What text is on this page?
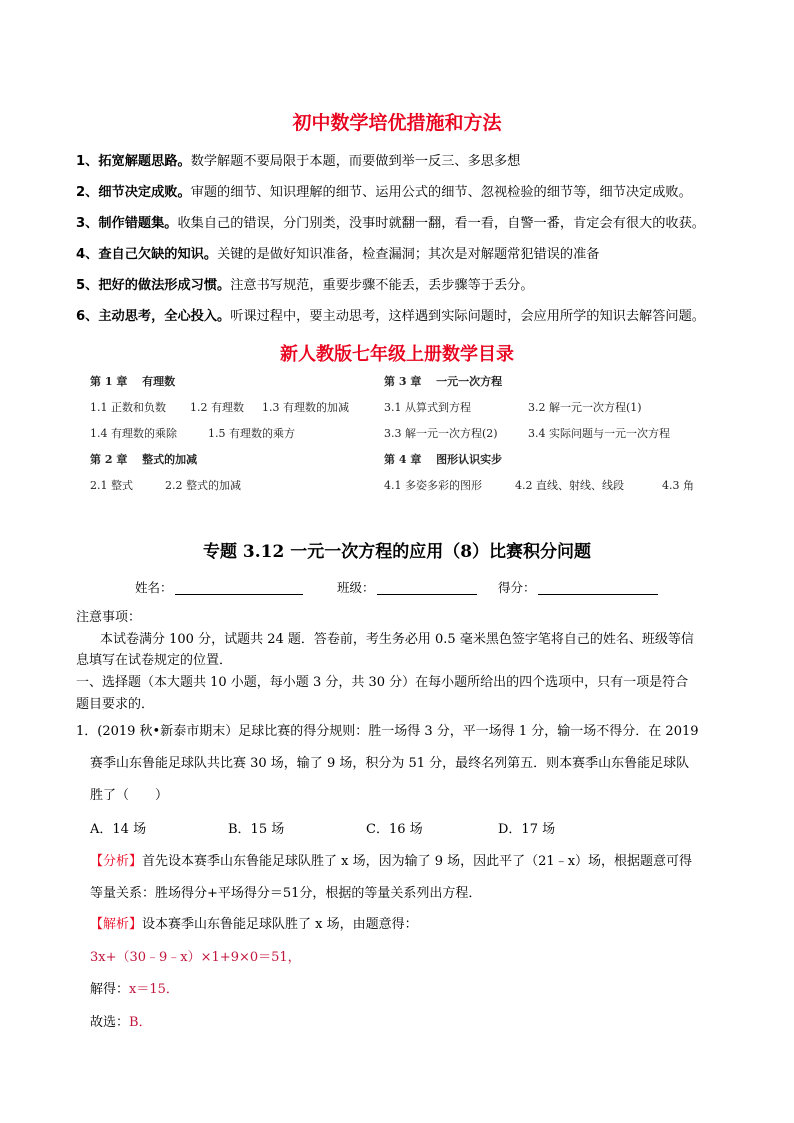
初中数学培优措施和方法
1、拓宽解题思路。数学解题不要局限于本题，而要做到举一反三、多思多想
2、细节决定成败。审题的细节、知识理解的细节、运用公式的细节、忽视检验的细节等，细节决定成败。
3、制作错题集。收集自己的错误，分门别类，没事时就翻一翻，看一看，自警一番，肯定会有很大的收获。
4、查自己欠缺的知识。关键的是做好知识准备，检查漏洞；其次是对解题常犯错误的准备
5、把好的做法形成习惯。注意书写规范，重要步骤不能丢，丢步骤等于丢分。
6、主动思考，全心投入。听课过程中，要主动思考，这样遇到实际问题时，会应用所学的知识去解答问题。
新人教版七年级上册数学目录
第 1 章　 有理数
1.1 正数和负数 1.2 有理数 1.3 有理数的加减
1.4 有理数的乘除	1.5 有理数的乘方
第 2 章　 整式的加减
2.1 整式	2.2 整式的加减
第 3 章　 一元一次方程
3.1 从算式到方程	3.2 解一元一次方程(1)
3.3 解一元一次方程(2)	3.4 实际问题与一元一次方程
第 4 章　 图形认识实步
4.1 多姿多彩的图形	4.2 直线、射线、线段	4.3 角
专题 3.12 一元一次方程的应用（8）比赛积分问题
姓名：	班级：	得分：
注意事项：
本试卷满分 100 分，试题共 24 题．答卷前，考生务必用 0.5 毫米黑色签字笔将自己的姓名、班级等信
息填写在试卷规定的位置．
一、选择题（本大题共 10 小题，每小题 3 分，共 30 分）在每小题所给出的四个选项中，只有一项是符合
题目要求的．
1．(2019 秋•新泰市期末）足球比赛的得分规则：胜一场得 3 分，平一场得 1 分，输一场不得分．在 2019
赛季山东鲁能足球队共比赛 30 场，输了 9 场，积分为 51 分，最终名列第五．则本赛季山东鲁能足球队
胜了（　　）
A．14 场	B．15 场	C．16 场	D．17 场
【分析】首先设本赛季山东鲁能足球队胜了 x 场，因为输了 9 场，因此平了（21﹣x）场，根据题意可得
等量关系：胜场得分+平场得分＝51分，根据的等量关系列出方程．
【解析】设本赛季山东鲁能足球队胜了 x 场，由题意得：
3x+（30﹣9﹣x）×1+9×0＝51，
解得：x＝15．
故选：B．
